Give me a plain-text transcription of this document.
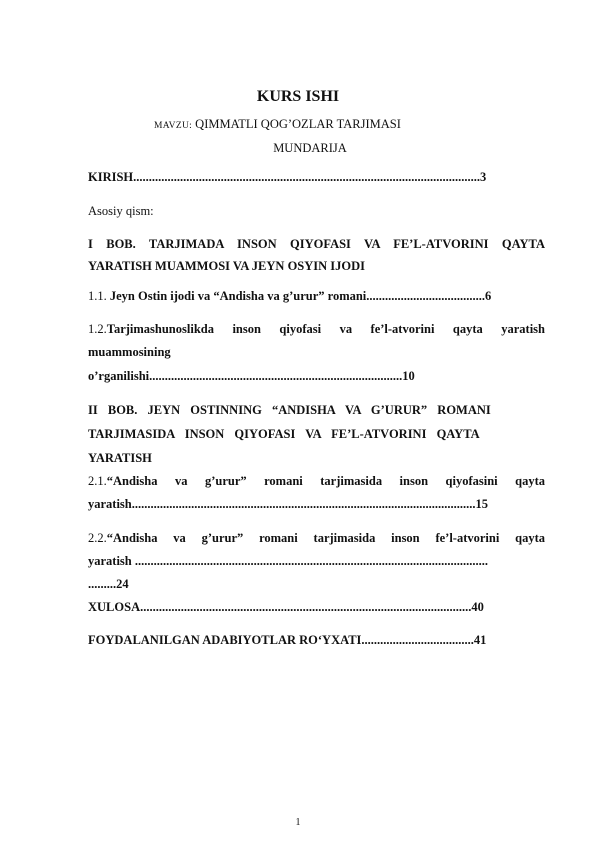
KURS ISHI
MAVZU: QIMMATLI QOG’OZLAR TARJIMASI
MUNDARIJA
KIRISH...............................................................................................................3
Asosiy qism:
I BOB. TARJIMADA INSON QIYOFASI VA FE’L-ATVORINI QAYTA
YARATISH MUAMMOSI VA JEYN OSYIN IJODI
1.1. Jeyn Ostin ijodi va “Andisha va g’urur” romani......................................6
1.2.Tarjimashunoslikda inson qiyofasi va fe’l-atvorini qayta yaratish
muammosining
o’rganilishi.................................................................................10
II BOB. JEYN OSTINNING “ANDISHA VA G’URUR” ROMANI
TARJIMASIDA INSON QIYOFASI VA FE’L-ATVORINI QAYTA
YARATISH
2.1.“Andisha va g’urur” romani tarjimasida inson qiyofasini qayta
yaratish..............................................................................................................15
2.2.“Andisha va g’urur” romani tarjimasida inson fe’l-atvorini qayta
yaratish .................................................................................................................
.........24
XULOSA..........................................................................................................40
FOYDALANILGAN ADABIYOTLAR RO‘YXATI....................................41
1
